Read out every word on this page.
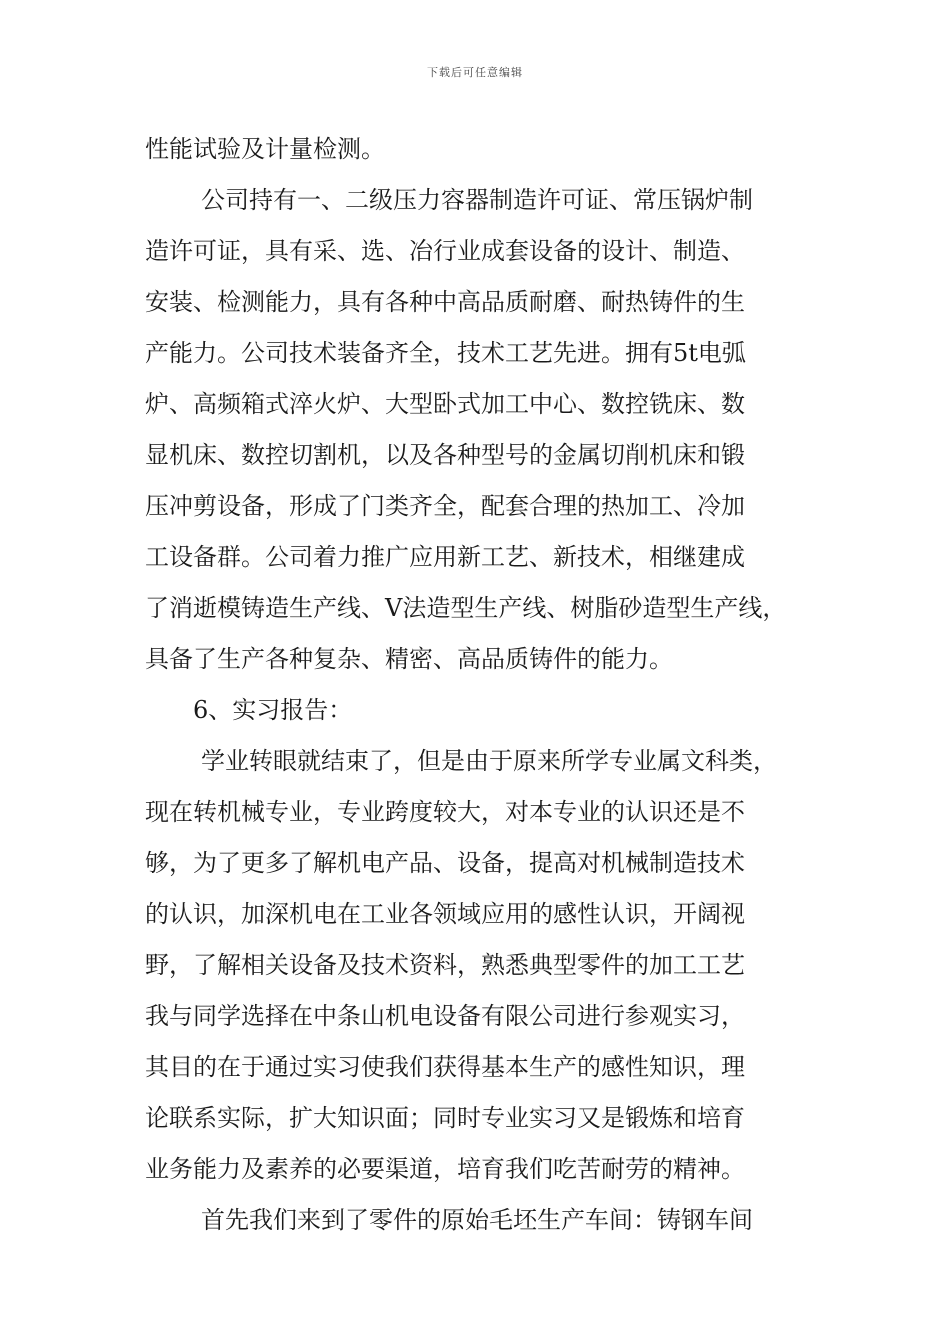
下载后可任意编辑
性能试验及计量检测。
公司持有一、二级压力容器制造许可证、常压锅炉制
造许可证，具有采、选、冶行业成套设备的设计、制造、
安装、检测能力，具有各种中高品质耐磨、耐热铸件的生
产能力。公司技术装备齐全，技术工艺先进。拥有5t电弧
炉、高频箱式淬火炉、大型卧式加工中心、数控铣床、数
显机床、数控切割机，以及各种型号的金属切削机床和锻
压冲剪设备，形成了门类齐全，配套合理的热加工、冷加
工设备群。公司着力推广应用新工艺、新技术，相继建成
了消逝模铸造生产线、V法造型生产线、树脂砂造型生产线，
具备了生产各种复杂、精密、高品质铸件的能力。
6、实习报告：
学业转眼就结束了，但是由于原来所学专业属文科类，
现在转机械专业，专业跨度较大，对本专业的认识还是不
够，为了更多了解机电产品、设备，提高对机械制造技术
的认识，加深机电在工业各领域应用的感性认识，开阔视
野，了解相关设备及技术资料，熟悉典型零件的加工工艺
我与同学选择在中条山机电设备有限公司进行参观实习，
其目的在于通过实习使我们获得基本生产的感性知识，理
论联系实际，扩大知识面；同时专业实习又是锻炼和培育
业务能力及素养的必要渠道，培育我们吃苦耐劳的精神。
首先我们来到了零件的原始毛坯生产车间：铸钢车间
